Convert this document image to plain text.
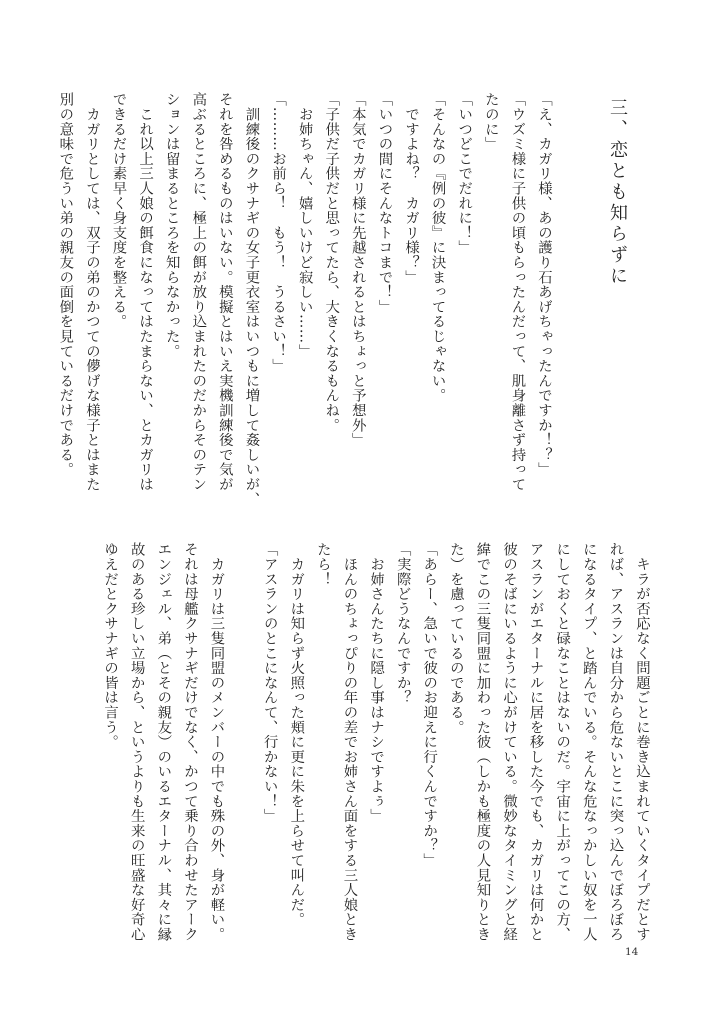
三、恋とも知らずに
「え、カガリ様、あの護り石あげちゃったんですか！？」
「ウズミ様に子供の頃もらったんだって、肌身離さず持って
たのに」
「いつどこでだれに！」
「そんなの『例の彼』に決まってるじゃない。
　ですよね？　カガリ様？」
「いつの間にそんなトコまで！」
「本気でカガリ様に先越されるとはちょっと予想外」
「子供だ子供だと思ってたら、大きくなるもんね。
　お姉ちゃん、嬉しいけど寂しい……」
「………お前ら！　もう！　うるさい！」
　訓練後のクサナギの女子更衣室はいつもに増して姦しいが、
それを咎めるものはいない。模擬とはいえ実機訓練後で気が
高ぶるところに、極上の餌が放り込まれたのだからそのテン
ションは留まるところを知らなかった。
　これ以上三人娘の餌食になってはたまらない、とカガリは
できるだけ素早く身支度を整える。
　カガリとしては、双子の弟のかつての儚げな様子とはまた
別の意味で危うい弟の親友の面倒を見ているだけである。
　キラが否応なく問題ごとに巻き込まれていくタイプだとす
れば、アスランは自分から危ないとこに突っ込んでぼろぼろ
になるタイプ、と踏んでいる。そんな危なっかしい奴を一人
にしておくと碌なことはないのだ。宇宙に上がってこの方、
アスランがエターナルに居を移した今でも、カガリは何かと
彼のそばにいるように心がけている。微妙なタイミングと経
緯でこの三隻同盟に加わった彼（しかも極度の人見知りとき
た）を慮っているのである。
「あらー、急いで彼のお迎えに行くんですか？」
「実際どうなんですか？
　お姉さんたちに隠し事はナシですよぅ」
　ほんのちょっぴりの年の差でお姉さん面をする三人娘とき
たら！
　カガリは知らず火照った頬に更に朱を上らせて叫んだ。
「アスランのとこになんて、行かない！」

　カガリは三隻同盟のメンバーの中でも殊の外、身が軽い。
それは母艦クサナギだけでなく、かつて乗り合わせたアーク
エンジェル、弟（とその親友）のいるエターナル、其々に縁
故のある珍しい立場から、というよりも生来の旺盛な好奇心
ゆえだとクサナギの皆は言う。
14
